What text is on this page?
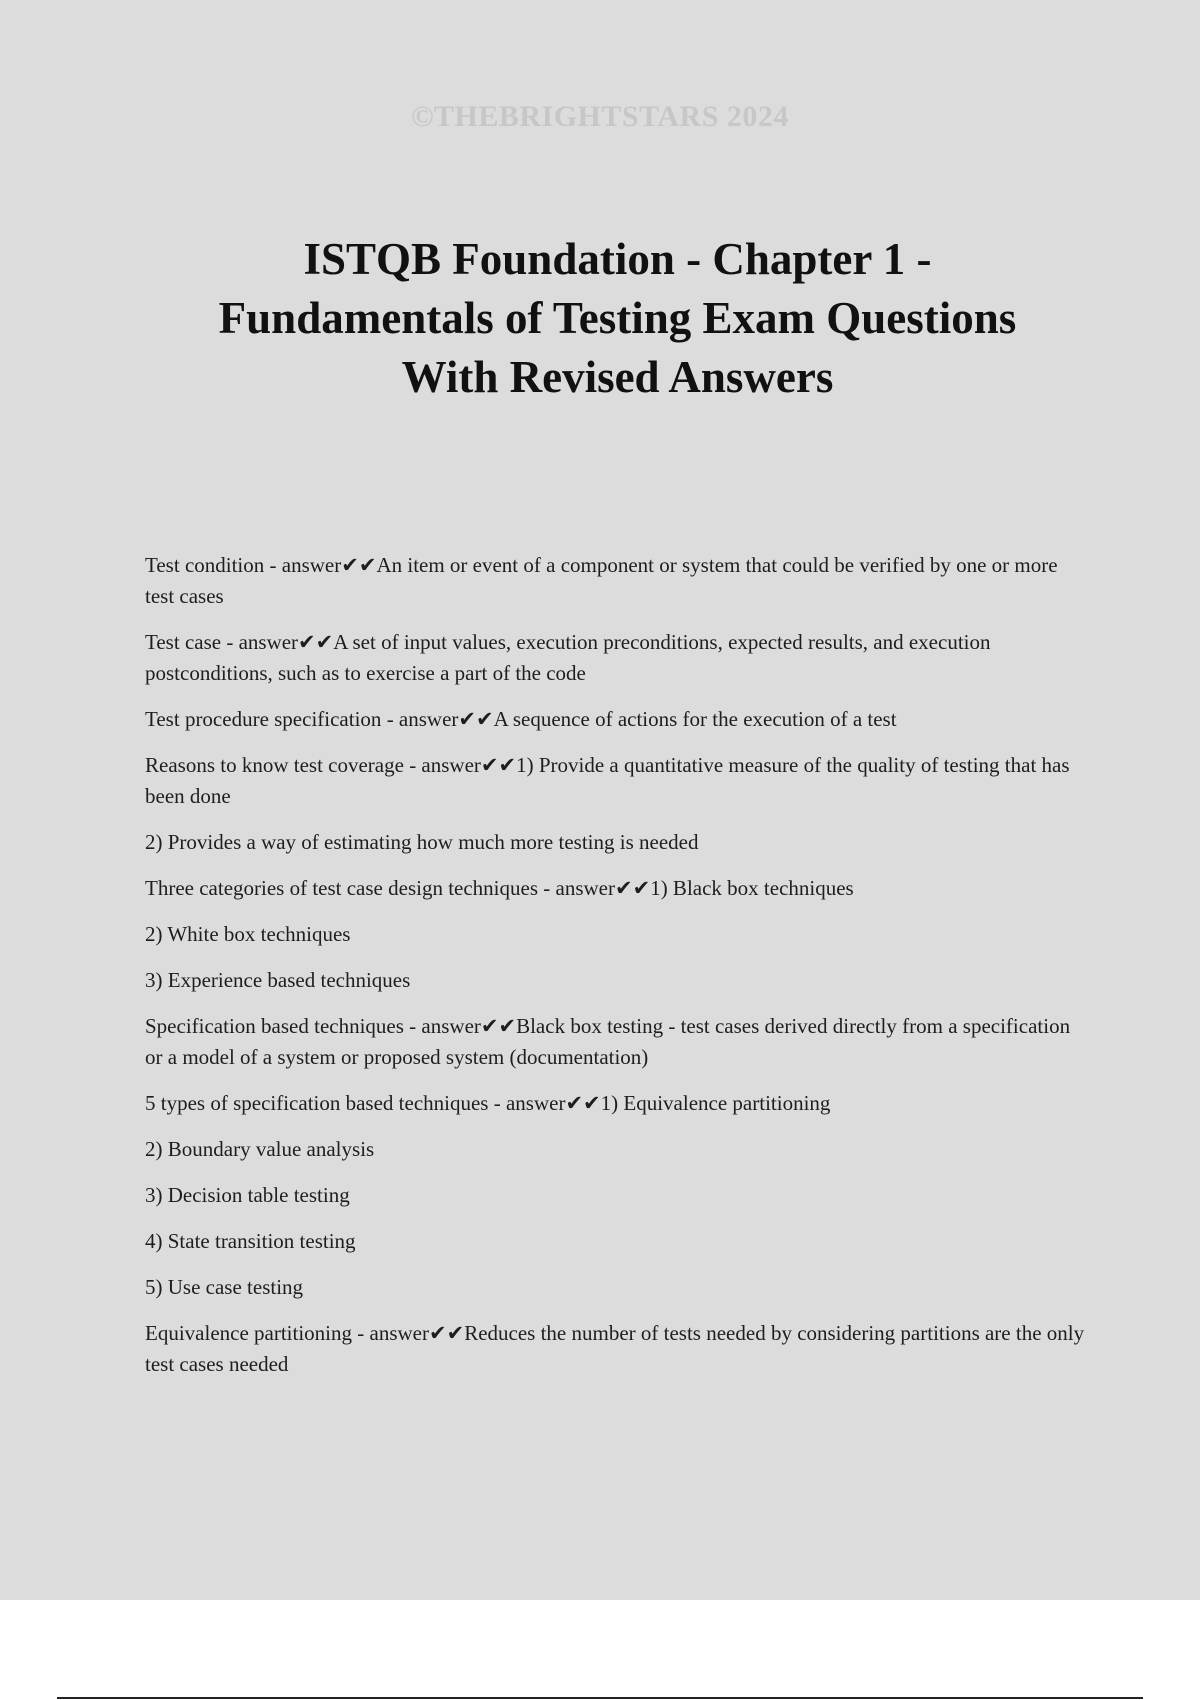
©THEBRIGHTSTARS 2024
ISTQB Foundation - Chapter 1 -
Fundamentals of Testing Exam Questions
With Revised Answers

Test condition - answer✔✔An item or event of a component or system that could be verified by one or more test cases

Test case - answer✔✔A set of input values, execution preconditions, expected results, and execution postconditions, such as to exercise a part of the code

Test procedure specification - answer✔✔A sequence of actions for the execution of a test

Reasons to know test coverage - answer✔✔1) Provide a quantitative measure of the quality of testing that has been done

2) Provides a way of estimating how much more testing is needed

Three categories of test case design techniques - answer✔✔1) Black box techniques

2) White box techniques

3) Experience based techniques

Specification based techniques - answer✔✔Black box testing - test cases derived directly from a specification or a model of a system or proposed system (documentation)

5 types of specification based techniques - answer✔✔1) Equivalence partitioning

2) Boundary value analysis

3) Decision table testing

4) State transition testing

5) Use case testing

Equivalence partitioning - answer✔✔Reduces the number of tests needed by considering partitions are the only test cases needed
